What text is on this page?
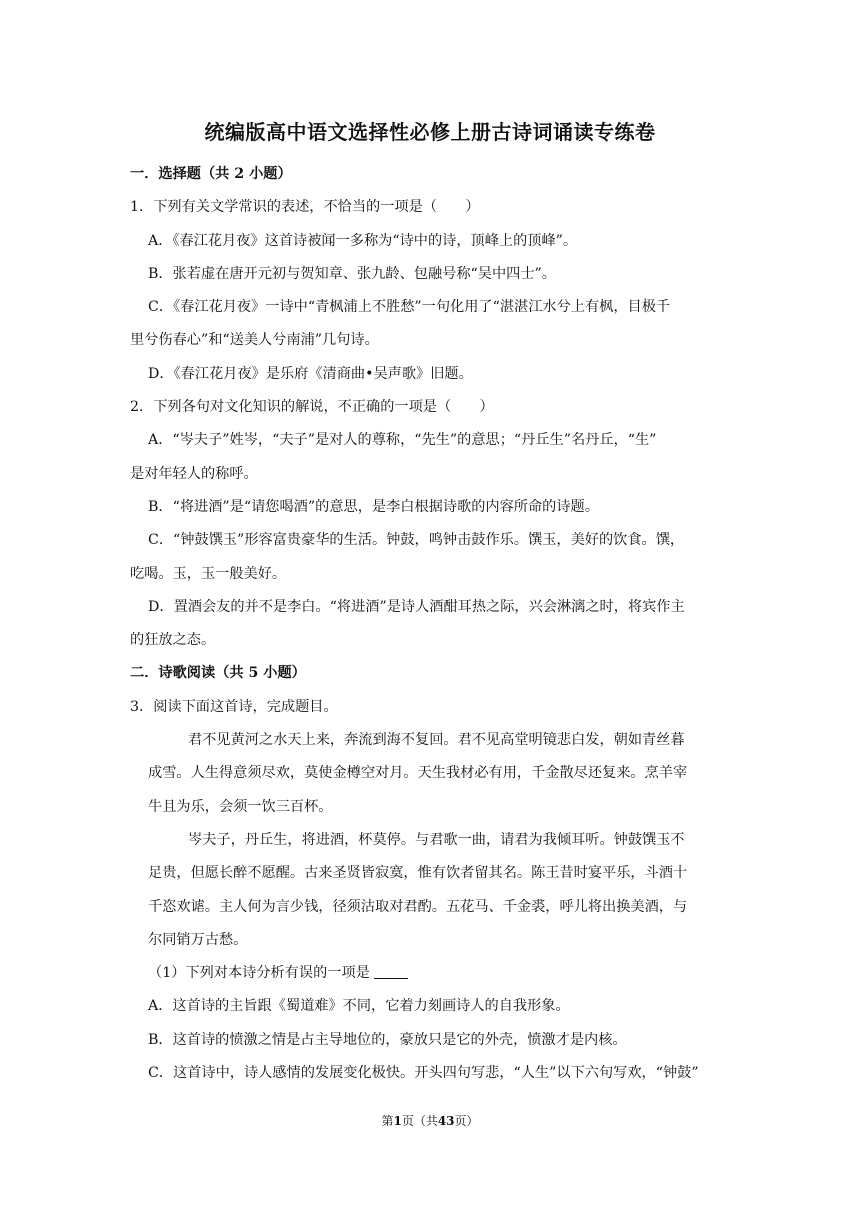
统编版高中语文选择性必修上册古诗词诵读专练卷

一．选择题（共 2 小题）

1．下列有关文学常识的表述，不恰当的一项是（　　）

A．《春江花月夜》这首诗被闻一多称为“诗中的诗，顶峰上的顶峰”。

B．张若虚在唐开元初与贺知章、张九龄、包融号称“吴中四士”。

C．《春江花月夜》一诗中“青枫浦上不胜愁”一句化用了“湛湛江水兮上有枫，目极千

里兮伤春心”和“送美人兮南浦”几句诗。

D．《春江花月夜》是乐府《清商曲•吴声歌》旧题。

2．下列各句对文化知识的解说，不正确的一项是（　　）

A．“岑夫子”姓岑，“夫子”是对人的尊称，“先生”的意思；“丹丘生”名丹丘，“生”

是对年轻人的称呼。

B．“将进酒”是“请您喝酒”的意思，是李白根据诗歌的内容所命的诗题。

C．“钟鼓馔玉”形容富贵豪华的生活。钟鼓，鸣钟击鼓作乐。馔玉，美好的饮食。馔，

吃喝。玉，玉一般美好。

D．置酒会友的并不是李白。“将进酒”是诗人酒酣耳热之际，兴会淋漓之时，将宾作主

的狂放之态。

二．诗歌阅读（共 5 小题）

3．阅读下面这首诗，完成题目。

君不见黄河之水天上来，奔流到海不复回。君不见高堂明镜悲白发，朝如青丝暮

成雪。人生得意须尽欢，莫使金樽空对月。天生我材必有用，千金散尽还复来。烹羊宰

牛且为乐，会须一饮三百杯。

岑夫子，丹丘生，将进酒，杯莫停。与君歌一曲，请君为我倾耳听。钟鼓馔玉不

足贵，但愿长醉不愿醒。古来圣贤皆寂寞，惟有饮者留其名。陈王昔时宴平乐，斗酒十

千恣欢谑。主人何为言少钱，径须沽取对君酌。五花马、千金裘，呼儿将出换美酒，与

尔同销万古愁。

（1）下列对本诗分析有误的一项是

A．这首诗的主旨跟《蜀道难》不同，它着力刻画诗人的自我形象。

B．这首诗的愤激之情是占主导地位的，豪放只是它的外壳，愤激才是内核。

C．这首诗中，诗人感情的发展变化极快。开头四句写悲，“人生”以下六句写欢，“钟鼓”

第1页（共43页）
